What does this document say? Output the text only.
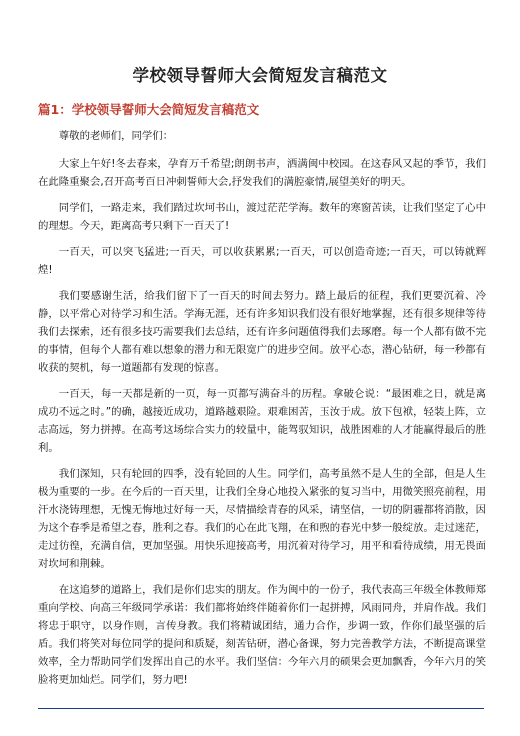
学校领导誓师大会简短发言稿范文
篇1：学校领导誓师大会简短发言稿范文

尊敬的老师们，同学们：

大家上午好!冬去春来，孕育万千希望;朗朗书声，洒满闽中校园。在这春风又起的季节，我们在此隆重聚会,召开高考百日冲刺誓师大会,抒发我们的满腔豪情,展望美好的明天。

同学们，一路走来，我们踏过坎坷书山，渡过茫茫学海。数年的寒窗苦读，让我们坚定了心中的理想。今天，距离高考只剩下一百天了!

一百天，可以突飞猛进;一百天，可以收获累累;一百天，可以创造奇迹;一百天，可以铸就辉煌!

我们要感谢生活，给我们留下了一百天的时间去努力。踏上最后的征程，我们更要沉着、冷静，以平常心对待学习和生活。学海无涯，还有许多知识我们没有很好地掌握，还有很多规律等待我们去探索，还有很多技巧需要我们去总结，还有许多问题值得我们去琢磨。每一个人都有做不完的事情，但每个人都有难以想象的潜力和无限宽广的进步空间。放平心态，潜心钻研，每一秒都有收获的契机，每一道题都有发现的惊喜。

一百天，每一天都是新的一页，每一页都写满奋斗的历程。拿破仑说：“最困难之日，就是离成功不远之时。”的确，越接近成功，道路越艰险。艰难困苦，玉汝于成。放下包袱，轻装上阵，立志高远，努力拼搏。在高考这场综合实力的较量中，能驾驭知识，战胜困难的人才能赢得最后的胜利。

我们深知，只有轮回的四季，没有轮回的人生。同学们，高考虽然不是人生的全部，但是人生极为重要的一步。在今后的一百天里，让我们全身心地投入紧张的复习当中，用微笑照亮前程，用汗水浇铸理想，无愧无悔地过好每一天，尽情描绘青春的风采，请坚信，一切的阴霾都将消散，因为这个春季是希望之春，胜利之春。我们的心在此飞翔，在和煦的春光中梦一般绽放。走过迷茫，走过彷徨，充满自信，更加坚强。用快乐迎接高考，用沉着对待学习，用平和看待成绩，用无畏面对坎坷和荆棘。

在这追梦的道路上，我们是你们忠实的朋友。作为闽中的一份子，我代表高三年级全体教师郑重向学校、向高三年级同学承诺：我们都将始终伴随着你们一起拼搏，风雨同舟，并肩作战。我们将忠于职守，以身作则，言传身教。我们将精诚团结，通力合作，步调一致，作你们最坚强的后盾。我们将笑对每位同学的提问和质疑，刻苦钻研，潜心备课，努力完善教学方法，不断提高课堂效率，全力帮助同学们发挥出自己的水平。我们坚信：今年六月的硕果会更加飘香，今年六月的笑脸将更加灿烂。同学们，努力吧!
